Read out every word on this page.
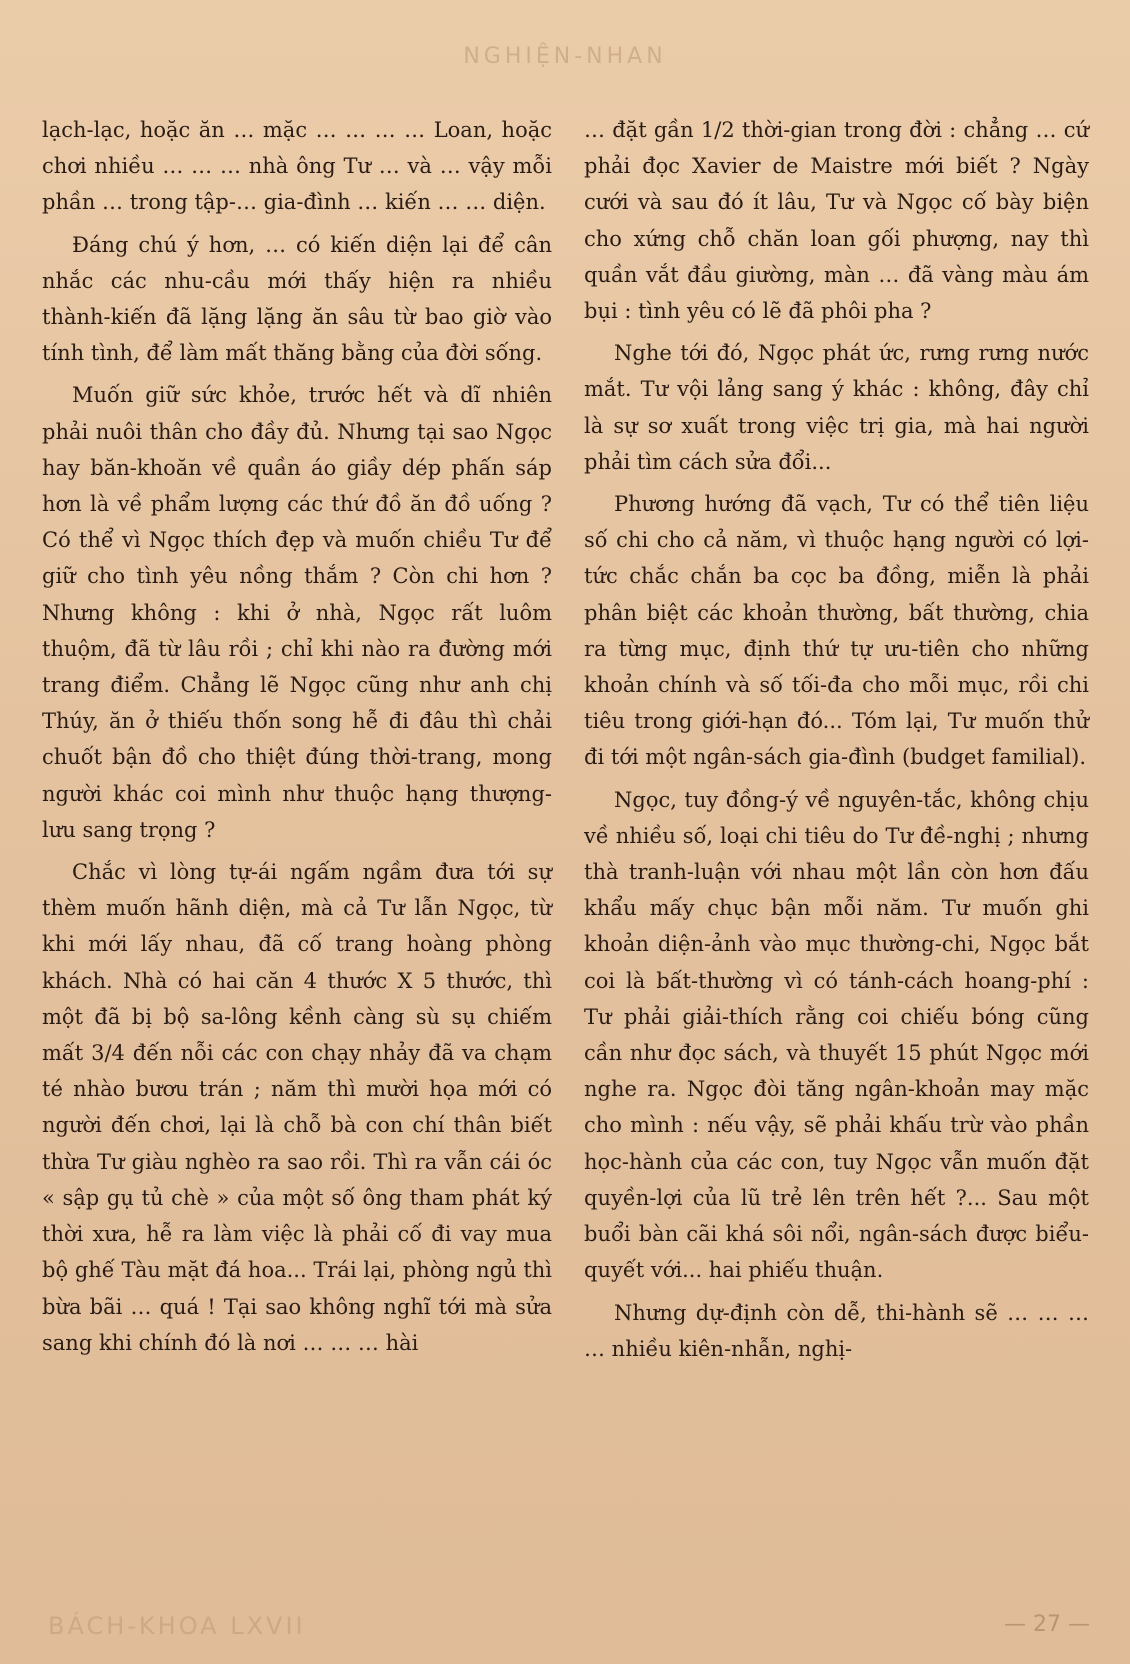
NGHIỆN-NHAN

lạch-lạc, hoặc ăn … mặc … … … … Loan, hoặc chơi nhiều … … … nhà ông Tư … và … vậy mỗi phần … trong tập-… gia-đình … kiến … … diện.

Đáng chú ý hơn, … có kiến diện lại để cân nhắc các nhu-cầu mới thấy hiện ra nhiều thành-kiến đã lặng lặng ăn sâu từ bao giờ vào tính tình, để làm mất thăng bằng của đời sống.

Muốn giữ sức khỏe, trước hết và dĩ nhiên phải nuôi thân cho đầy đủ. Nhưng tại sao Ngọc hay băn-khoăn về quần áo giầy dép phấn sáp hơn là về phẩm lượng các thứ đồ ăn đồ uống ? Có thể vì Ngọc thích đẹp và muốn chiều Tư để giữ cho tình yêu nồng thắm ? Còn chi hơn ? Nhưng không : khi ở nhà, Ngọc rất luôm thuộm, đã từ lâu rồi ; chỉ khi nào ra đường mới trang điểm. Chẳng lẽ Ngọc cũng như anh chị Thúy, ăn ở thiếu thốn song hễ đi đâu thì chải chuốt bận đồ cho thiệt đúng thời-trang, mong người khác coi mình như thuộc hạng thượng-lưu sang trọng ?

Chắc vì lòng tự-ái ngấm ngầm đưa tới sự thèm muốn hãnh diện, mà cả Tư lẫn Ngọc, từ khi mới lấy nhau, đã cố trang hoàng phòng khách. Nhà có hai căn 4 thước X 5 thước, thì một đã bị bộ sa-lông kềnh càng sù sụ chiếm mất 3/4 đến nỗi các con chạy nhảy đã va chạm té nhào bươu trán ; năm thì mười họa mới có người đến chơi, lại là chỗ bà con chí thân biết thừa Tư giàu nghèo ra sao rồi. Thì ra vẫn cái óc « sập gụ tủ chè » của một số ông tham phát ký thời xưa, hễ ra làm việc là phải cố đi vay mua bộ ghế Tàu mặt đá hoa... Trái lại, phòng ngủ thì bừa bãi … quá ! Tại sao không nghĩ tới mà sửa sang khi chính đó là nơi … … … hài

… đặt gần 1/2 thời-gian trong đời : chẳng … cứ phải đọc Xavier de Maistre mới biết ? Ngày cưới và sau đó ít lâu, Tư và Ngọc cố bày biện cho xứng chỗ chăn loan gối phượng, nay thì quần vắt đầu giường, màn … đã vàng màu ám bụi : tình yêu có lẽ đã phôi pha ?

Nghe tới đó, Ngọc phát ức, rưng rưng nước mắt. Tư vội lảng sang ý khác : không, đây chỉ là sự sơ xuất trong việc trị gia, mà hai người phải tìm cách sửa đổi...

Phương hướng đã vạch, Tư có thể tiên liệu số chi cho cả năm, vì thuộc hạng người có lợi-tức chắc chắn ba cọc ba đồng, miễn là phải phân biệt các khoản thường, bất thường, chia ra từng mục, định thứ tự ưu-tiên cho những khoản chính và số tối-đa cho mỗi mục, rồi chi tiêu trong giới-hạn đó... Tóm lại, Tư muốn thử đi tới một ngân-sách gia-đình (budget familial).

Ngọc, tuy đồng-ý về nguyên-tắc, không chịu về nhiều số, loại chi tiêu do Tư đề-nghị ; nhưng thà tranh-luận với nhau một lần còn hơn đấu khẩu mấy chục bận mỗi năm. Tư muốn ghi khoản diện-ảnh vào mục thường-chi, Ngọc bắt coi là bất-thường vì có tánh-cách hoang-phí : Tư phải giải-thích rằng coi chiếu bóng cũng cần như đọc sách, và thuyết 15 phút Ngọc mới nghe ra. Ngọc đòi tăng ngân-khoản may mặc cho mình : nếu vậy, sẽ phải khấu trừ vào phần học-hành của các con, tuy Ngọc vẫn muốn đặt quyền-lợi của lũ trẻ lên trên hết ?... Sau một buổi bàn cãi khá sôi nổi, ngân-sách được biểu-quyết với... hai phiếu thuận.

Nhưng dự-định còn dễ, thi-hành sẽ … … … … nhiều kiên-nhẫn, nghị-

BÁCH-KHOA LXVII	— 27 —
